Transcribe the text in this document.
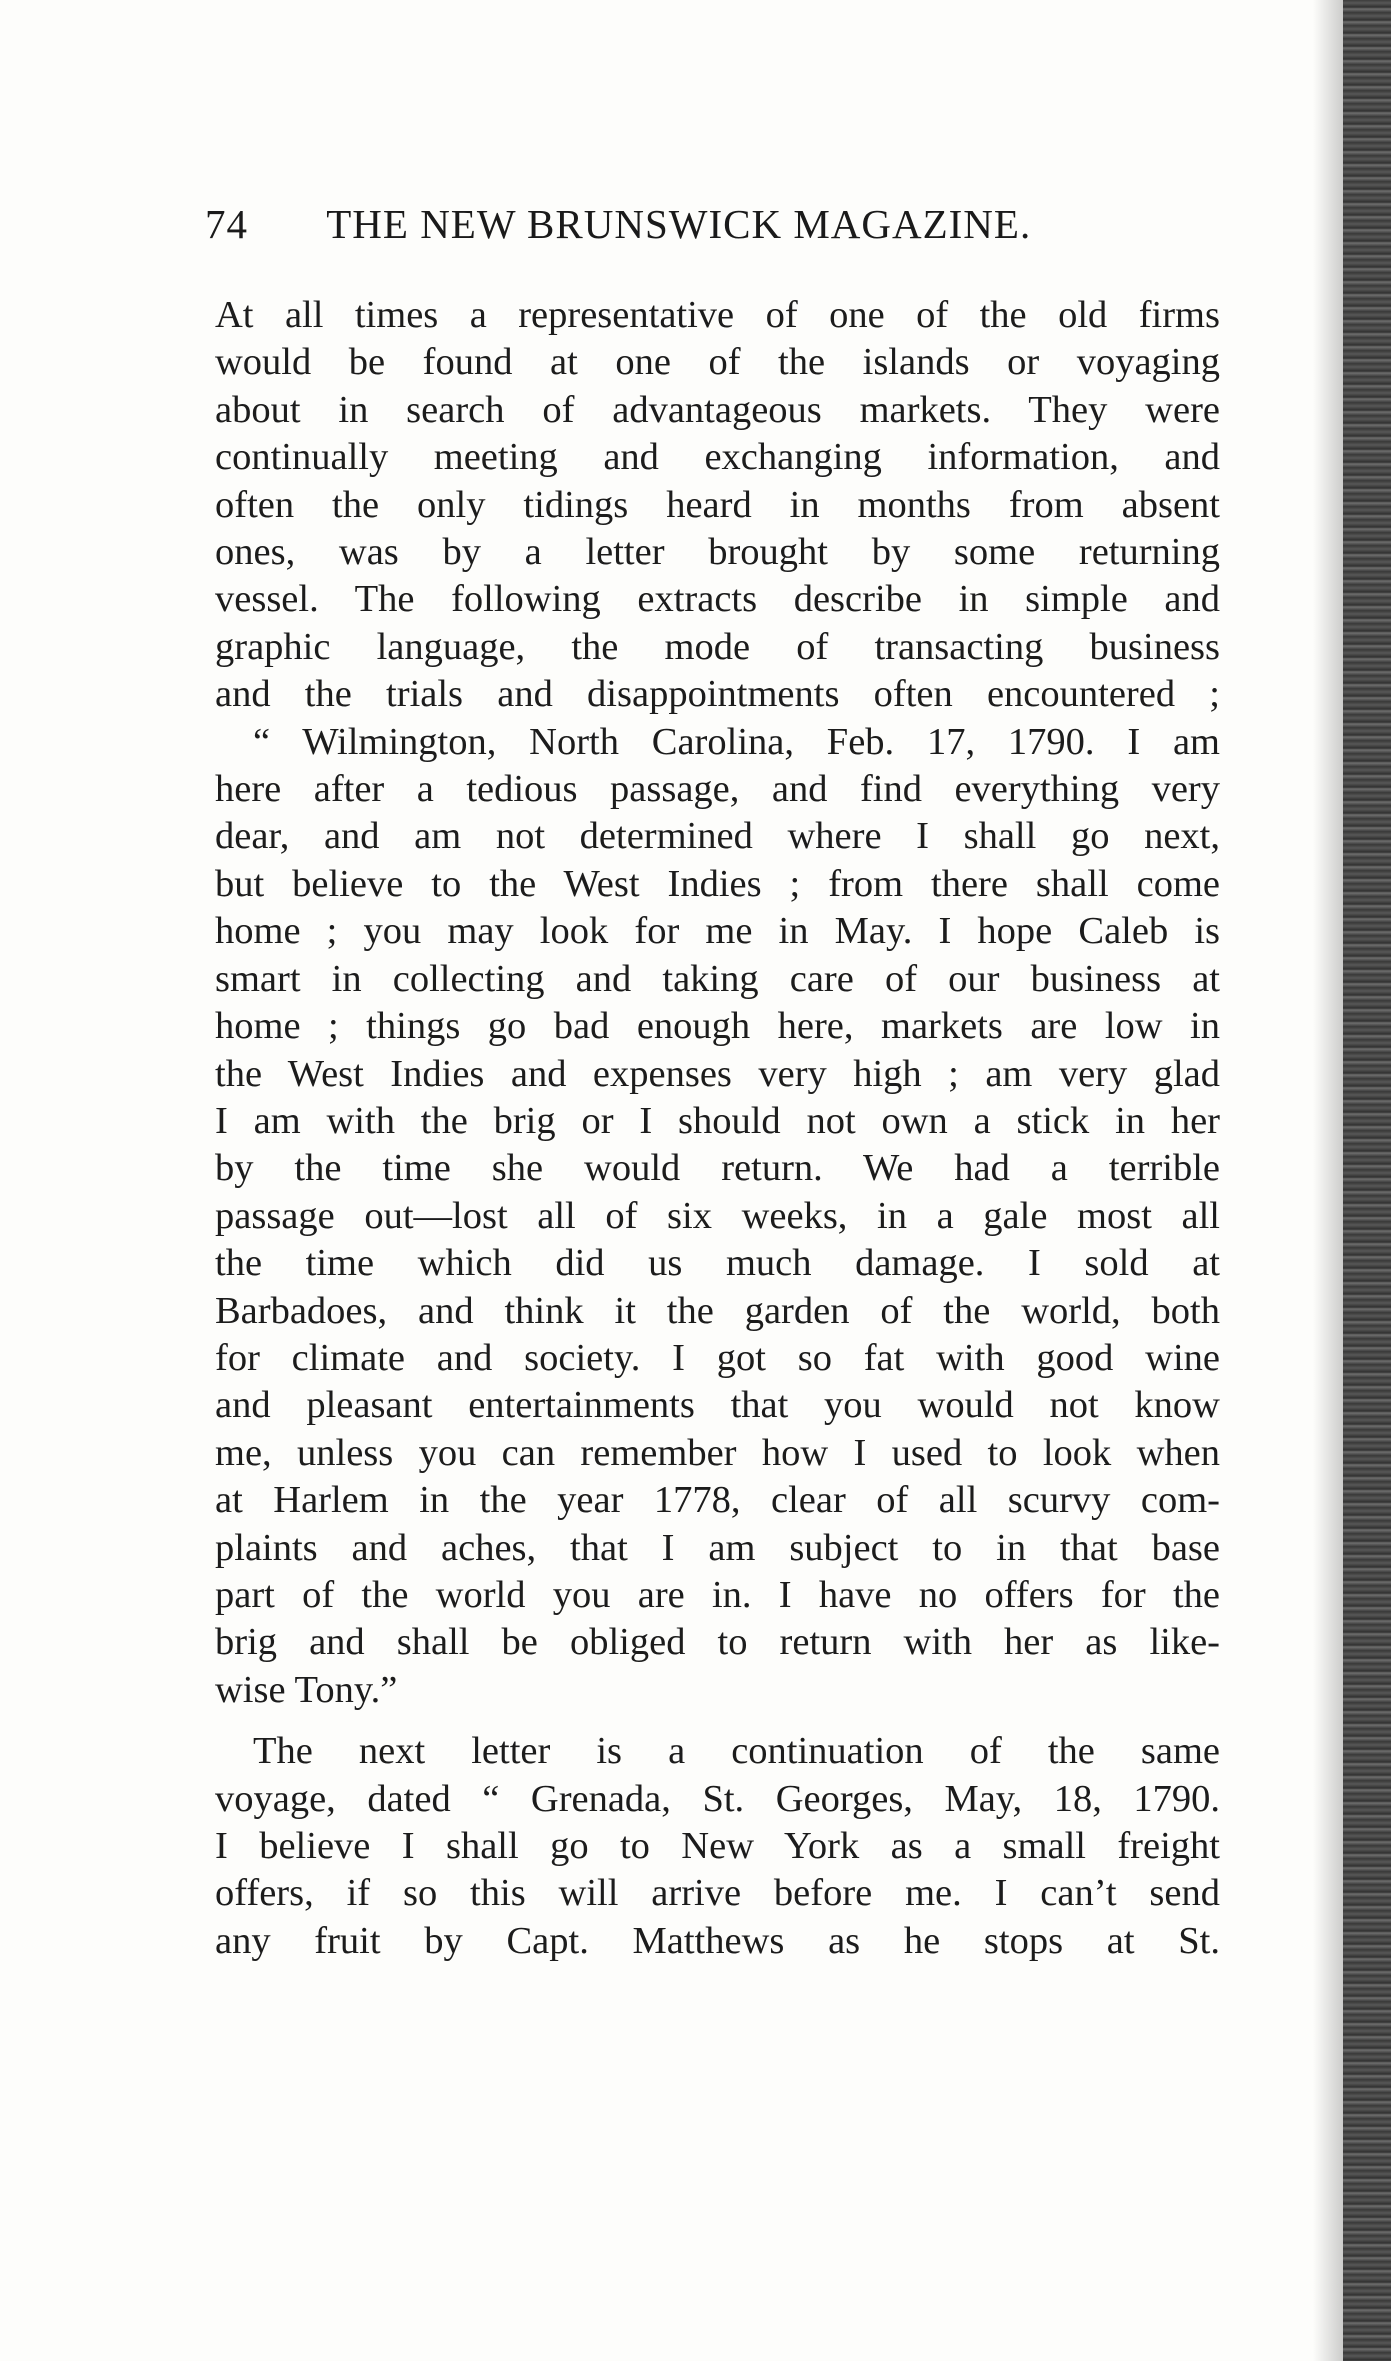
74 THE NEW BRUNSWICK MAGAZINE.

At all times a representative of one of the old firms
would be found at one of the islands or voyaging
about in search of advantageous markets. They were
continually meeting and exchanging information, and
often the only tidings heard in months from absent
ones, was by a letter brought by some returning
vessel. The following extracts describe in simple and
graphic language, the mode of transacting business
and the trials and disappointments often encountered ;

“ Wilmington, North Carolina, Feb. 17, 1790. I am
here after a tedious passage, and find everything very
dear, and am not determined where I shall go next,
but believe to the West Indies ; from there shall come
home ; you may look for me in May. I hope Caleb is
smart in collecting and taking care of our business at
home ; things go bad enough here, markets are low in
the West Indies and expenses very high ; am very glad
I am with the brig or I should not own a stick in her
by the time she would return. We had a terrible
passage out—lost all of six weeks, in a gale most all
the time which did us much damage. I sold at
Barbadoes, and think it the garden of the world, both
for climate and society. I got so fat with good wine
and pleasant entertainments that you would not know
me, unless you can remember how I used to look when
at Harlem in the year 1778, clear of all scurvy com-
plaints and aches, that I am subject to in that base
part of the world you are in. I have no offers for the
brig and shall be obliged to return with her as like-
wise Tony.”

The next letter is a continuation of the same
voyage, dated “ Grenada, St. Georges, May, 18, 1790.
I believe I shall go to New York as a small freight
offers, if so this will arrive before me. I can’t send
any fruit by Capt. Matthews as he stops at St.
